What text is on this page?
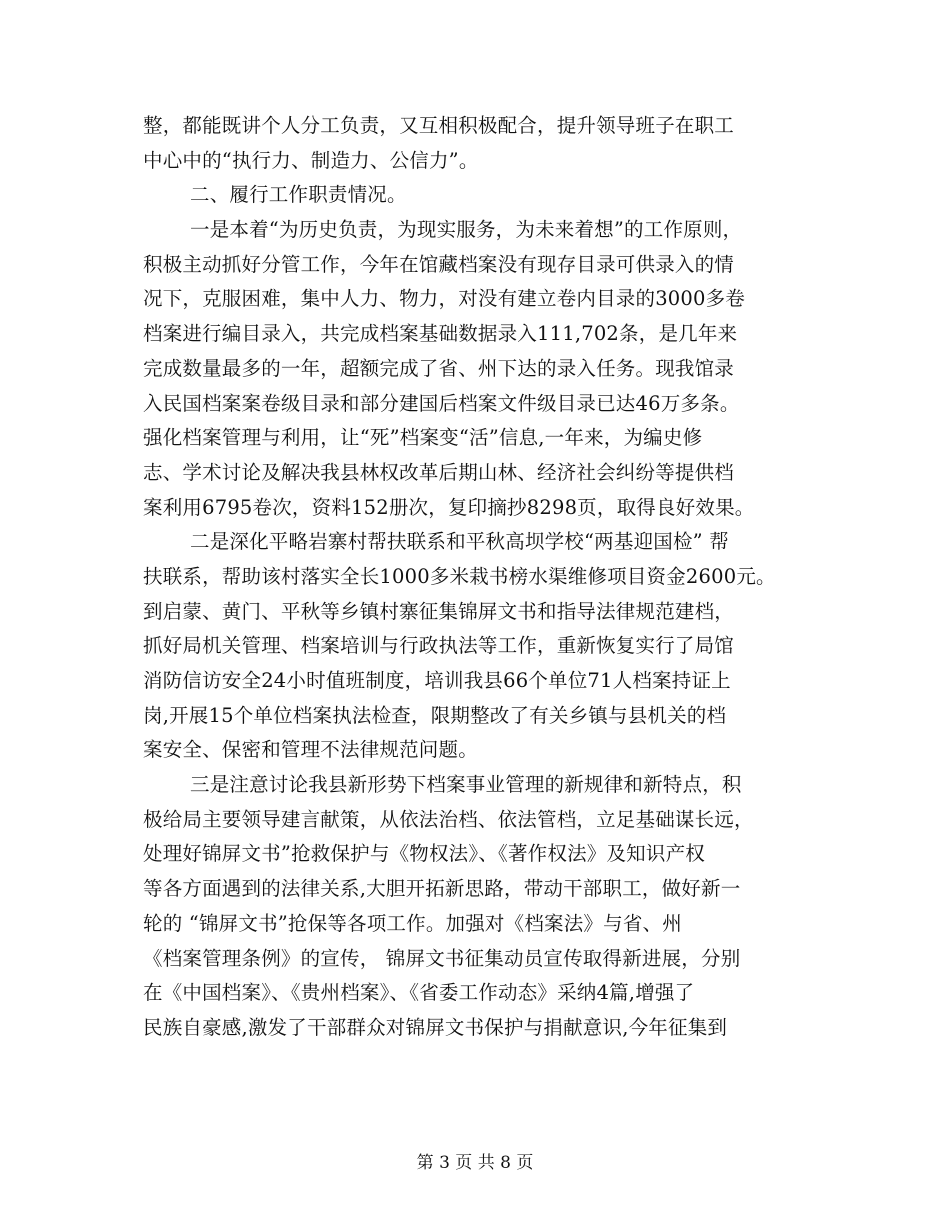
整，都能既讲个人分工负责，又互相积极配合，提升领导班子在职工
中心中的“执行力、制造力、公信力”。
二、履行工作职责情况。
一是本着“为历史负责，为现实服务，为未来着想”的工作原则，
积极主动抓好分管工作，今年在馆藏档案没有现存目录可供录入的情
况下，克服困难，集中人力、物力，对没有建立卷内目录的3000多卷
档案进行编目录入，共完成档案基础数据录入111,702条，是几年来
完成数量最多的一年，超额完成了省、州下达的录入任务。现我馆录
入民国档案案卷级目录和部分建国后档案文件级目录已达46万多条。
强化档案管理与利用，让“死”档案变“活”信息,一年来，为编史修
志、学术讨论及解决我县林权改革后期山林、经济社会纠纷等提供档
案利用6795卷次，资料152册次，复印摘抄8298页，取得良好效果。
二是深化平略岩寨村帮扶联系和平秋高坝学校“两基迎国检” 帮
扶联系，帮助该村落实全长1000多米栽书榜水渠维修项目资金2600元。
到启蒙、黄门、平秋等乡镇村寨征集锦屏文书和指导法律规范建档，
抓好局机关管理、档案培训与行政执法等工作，重新恢复实行了局馆
消防信访安全24小时值班制度，培训我县66个单位71人档案持证上
岗,开展15个单位档案执法检查，限期整改了有关乡镇与县机关的档
案安全、保密和管理不法律规范问题。
三是注意讨论我县新形势下档案事业管理的新规律和新特点，积
极给局主要领导建言献策，从依法治档、依法管档，立足基础谋长远，
处理好锦屏文书”抢救保护与《物权法》、《著作权法》及知识产权
等各方面遇到的法律关系,大胆开拓新思路，带动干部职工，做好新一
轮的 “锦屏文书”抢保等各项工作。加强对《档案法》与省、州
《档案管理条例》的宣传， 锦屏文书征集动员宣传取得新进展，分别
在《中国档案》、《贵州档案》、《省委工作动态》采纳4篇,增强了
民族自豪感,激发了干部群众对锦屏文书保护与捐献意识,今年征集到
第 3 页 共 8 页
